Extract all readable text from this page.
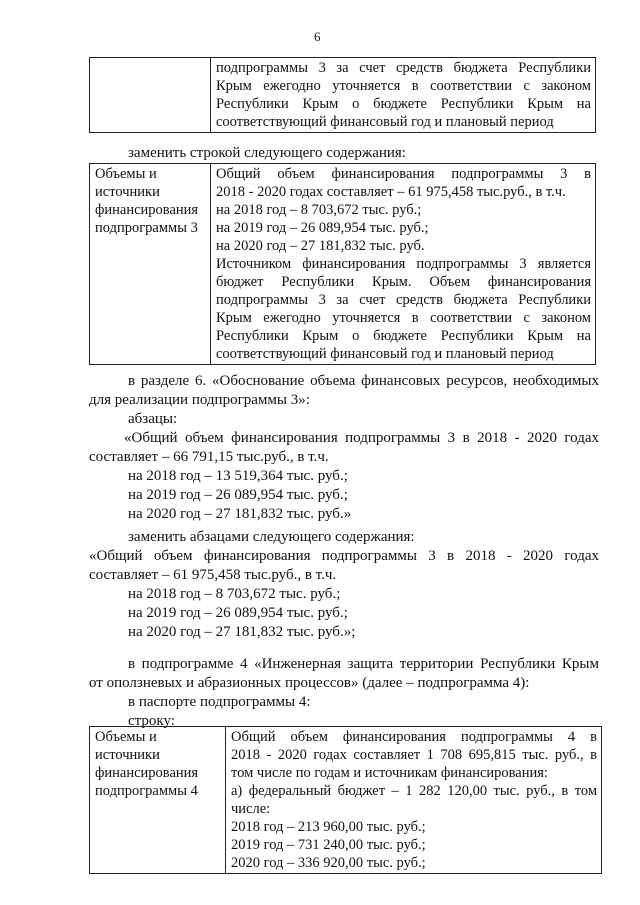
6

подпрограммы 3 за счет средств бюджета Республики
Крым ежегодно уточняется в соответствии с законом
Республики Крым о бюджете Республики Крым на
соответствующий финансовый год и плановый период
заменить строкой следующего содержания:
Объемы и
источники
финансирования
подпрограммы 3

Общий объем финансирования подпрограммы 3 в
2018 - 2020 годах составляет – 61 975,458 тыс.руб., в т.ч.
на 2018 год – 8 703,672 тыс. руб.;
на 2019 год – 26 089,954 тыс. руб.;
на 2020 год – 27 181,832 тыс. руб.
Источником финансирования подпрограммы 3 является
бюджет Республики Крым. Объем финансирования
подпрограммы 3 за счет средств бюджета Республики
Крым ежегодно уточняется в соответствии с законом
Республики Крым о бюджете Республики Крым на
соответствующий финансовый год и плановый период
в разделе 6. «Обоснование объема финансовых ресурсов, необходимых
для реализации подпрограммы 3»:
абзацы:
«Общий объем финансирования подпрограммы 3 в 2018 - 2020 годах
составляет – 66 791,15 тыс.руб., в т.ч.
на 2018 год – 13 519,364 тыс. руб.;
на 2019 год – 26 089,954 тыс. руб.;
на 2020 год – 27 181,832 тыс. руб.»
заменить абзацами следующего содержания:
«Общий объем финансирования подпрограммы 3 в 2018 - 2020 годах
составляет – 61 975,458 тыс.руб., в т.ч.
на 2018 год – 8 703,672 тыс. руб.;
на 2019 год – 26 089,954 тыс. руб.;
на 2020 год – 27 181,832 тыс. руб.»;
в подпрограмме 4 «Инженерная защита территории Республики Крым
от оползневых и абразионных процессов» (далее – подпрограмма 4):
в паспорте подпрограммы 4:
строку:
Объемы и
источники
финансирования
подпрограммы 4

Общий объем финансирования подпрограммы 4 в
2018 - 2020 годах составляет 1 708 695,815 тыс. руб., в
том числе по годам и источникам финансирования:
а) федеральный бюджет – 1 282 120,00 тыс. руб., в том
числе:
2018 год – 213 960,00 тыс. руб.;
2019 год – 731 240,00 тыс. руб.;
2020 год – 336 920,00 тыс. руб.;
